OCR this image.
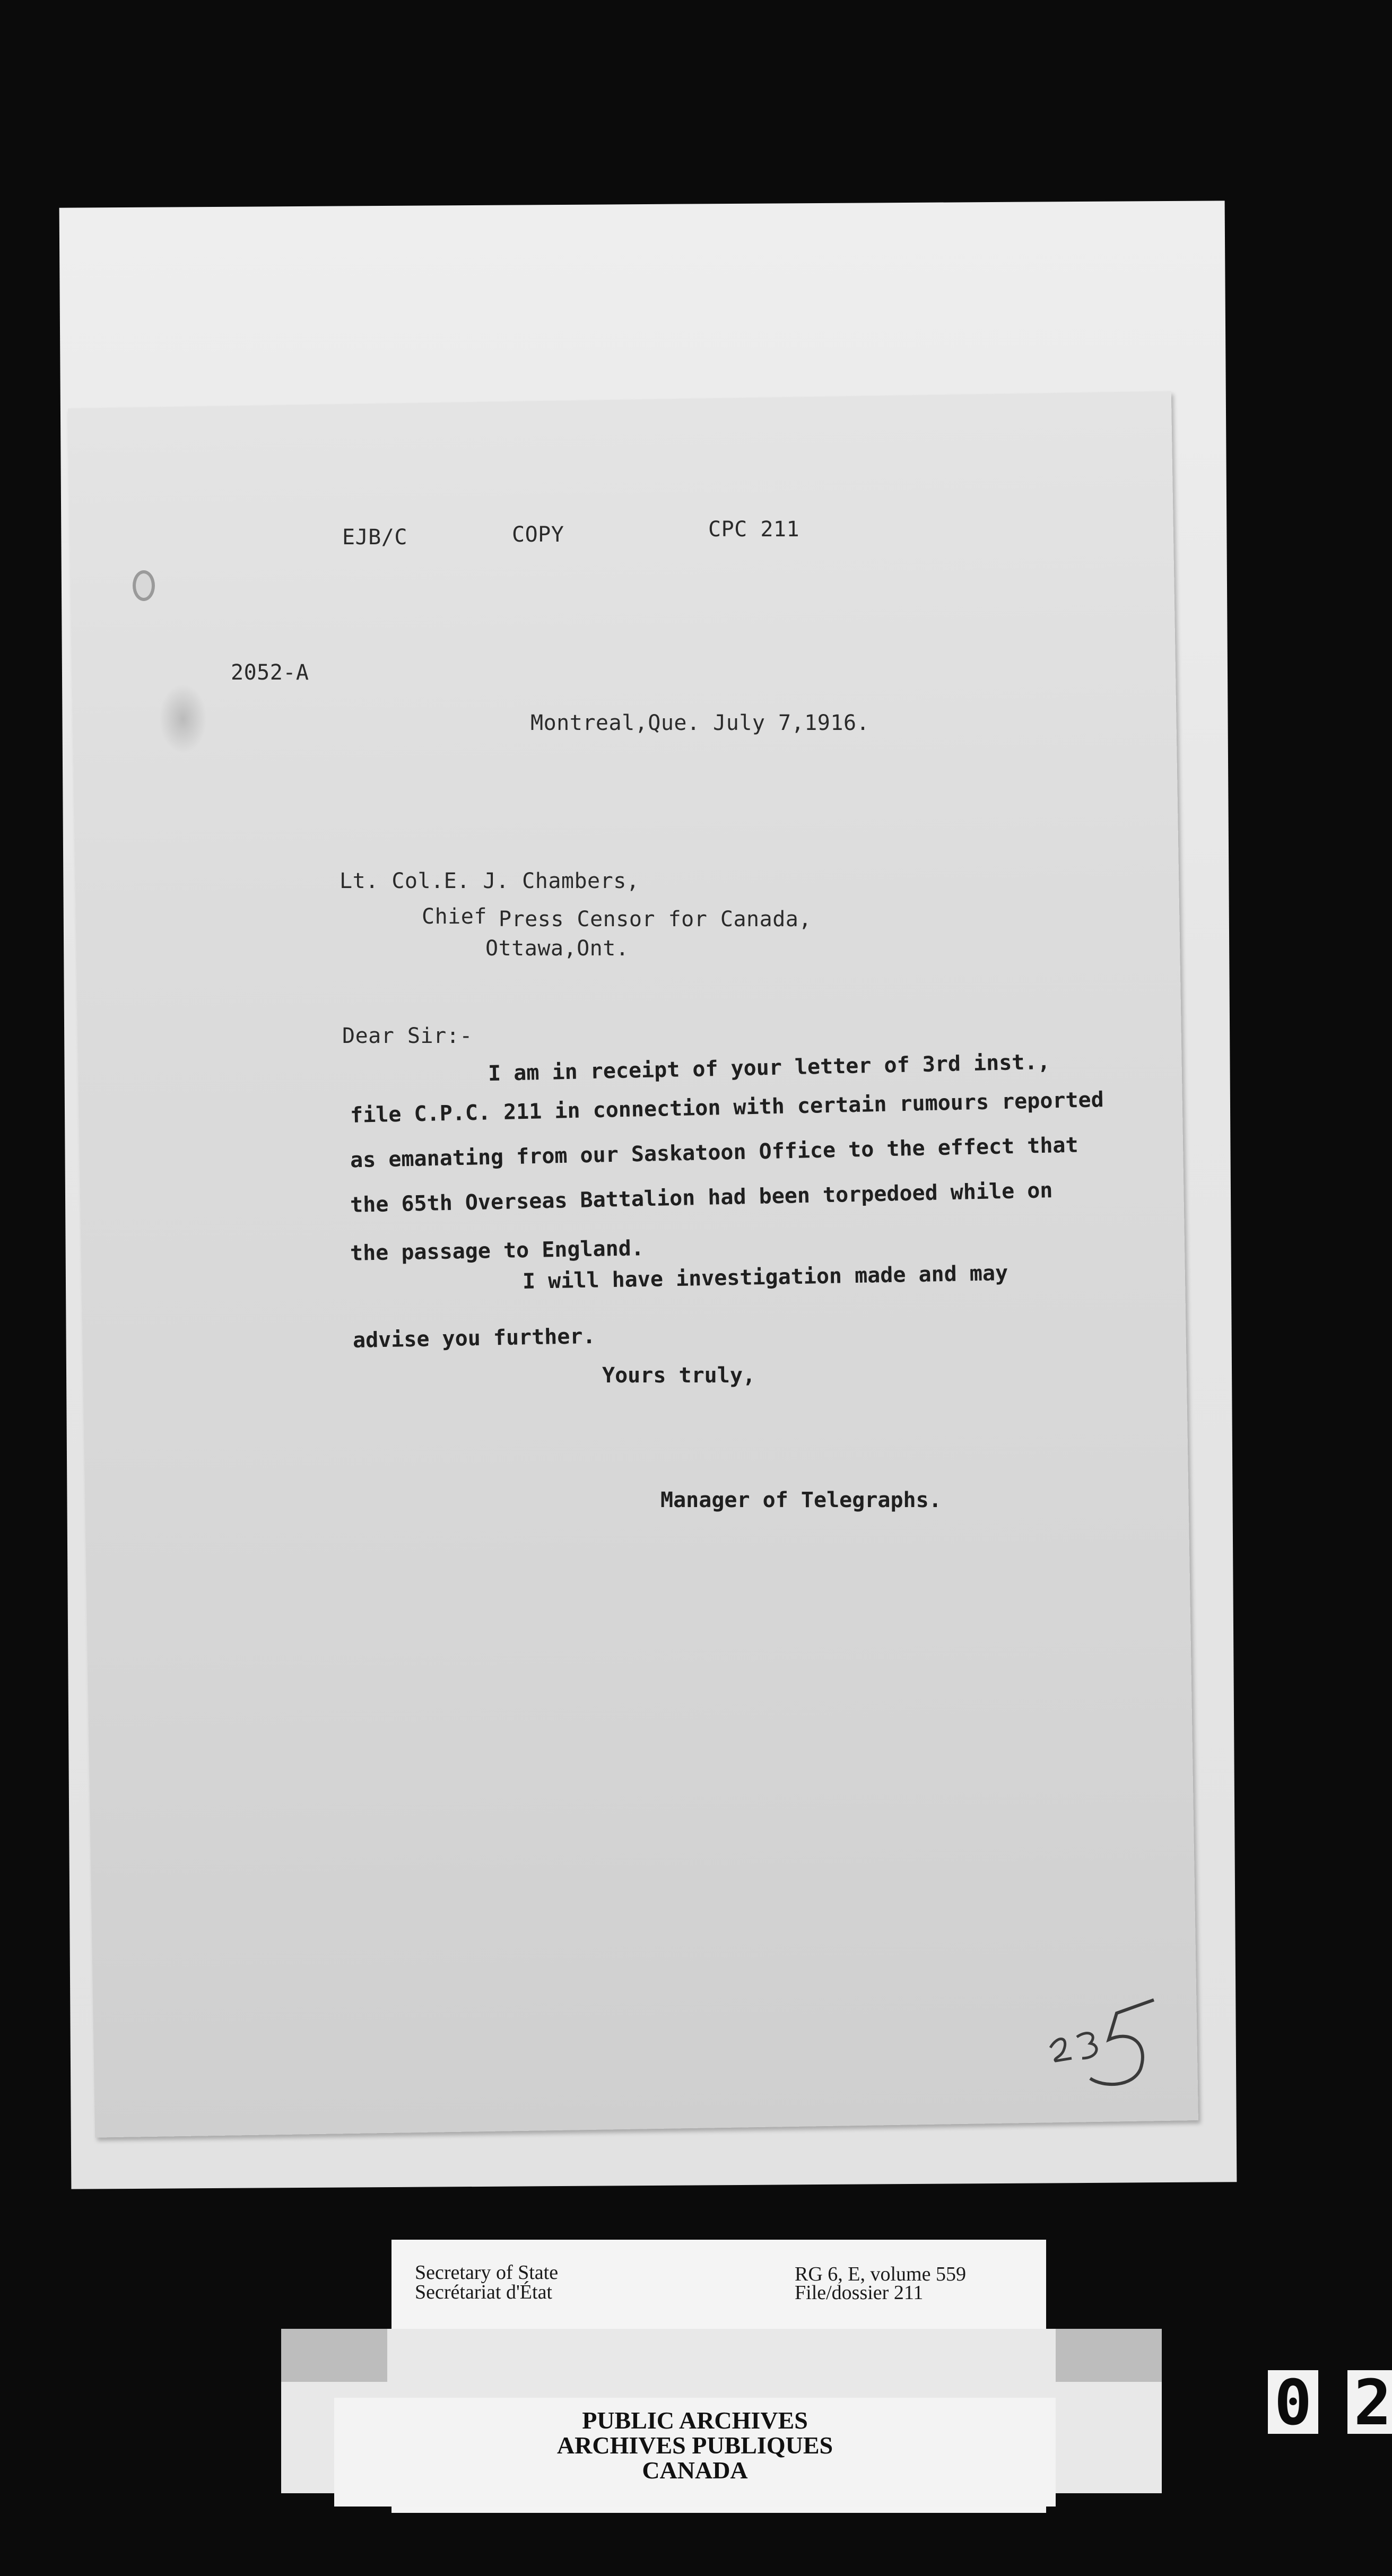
EJB/C	COPY	CPC 211
2052-A
Montreal,Que. July 7,1916.
Lt. Col.E. J. Chambers,
Chief Press Censor for Canada,
Ottawa,Ont.
Dear Sir:-
I am in receipt of your letter of 3rd inst.,
file C.P.C. 211 in connection with certain rumours reported
as emanating from our Saskatoon Office to the effect that
the 65th Overseas Battalion had been torpedoed while on
the passage to England.
I will have investigation made and may
advise you further.
Yours truly,
Manager of Telegraphs.
Secretary of State
Secrétariat d'État
RG 6, E, volume 559
File/dossier 211
PUBLIC ARCHIVES
ARCHIVES PUBLIQUES
CANADA
0 2
